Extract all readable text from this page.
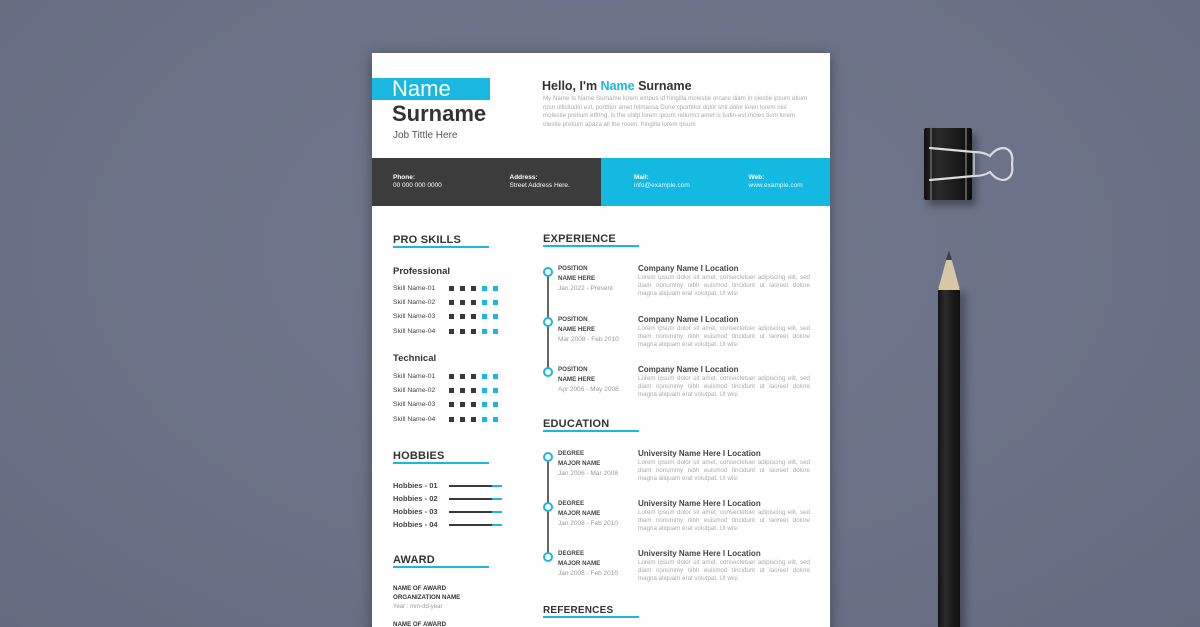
Name
Surname
Job Tittle Here
Hello, I'm Name Surname
My Name Is Name Surname lorem empus id fringilla molestie ornare diam in olestie ipsum etium rosn ollicitudin est, porttitor amet hitmassa Done cporttitor dolor shit dolor kiren lorem nisl molestie pretium etfring, is the shitp lorem ipcum retiumci amet is tudin-est.moles tium lorem olestie pretium apaza all the rosen. fringilla lorem ipsum .
Phone:
00 000 000 0000
Address:
Street Address Here.
Mail:
info@example.com
Web:
www.example.com
PRO SKILLS
Professional
Skill Name-01
Skill Name-02
Skill Name-03
Skill Name-04
Technical
Skill Name-01
Skill Name-02
Skill Name-03
Skill Name-04
HOBBIES
Hobbies - 01
Hobbies - 02
Hobbies - 03
Hobbies - 04
AWARD
NAME OF AWARD
ORGANIZATION NAME
Year : mm-dd-year
NAME OF AWARD
EXPERIENCE
POSITION
NAME HERE
Jan 2022 - Present
Company Name I Location
Lorem ipsum dolor sit amet, consectetuer adipiscing elit, sed diam nonummy nibh euismod tincidunt ut laoreet dolore magna aliquam erat volutpat. Ut wisi
POSITION
NAME HERE
Mar 2008 - Feb 2010
Company Name I Location
Lorem ipsum dolor sit amet, consectetuer adipiscing elit, sed diam nonummy nibh euismod tincidunt ut laoreet dolore magna aliquam erat volutpat. Ut wisi
POSITION
NAME HERE
Apr 2006 - May 2008
Company Name I Location
Lorem ipsum dolor sit amet, consectetuer adipiscing elit, sed diam nonummy nibh euismod tincidunt ut laoreet dolore magna aliquam erat volutpat. Ut wisi
EDUCATION
DEGREE
MAJOR NAME
Jan 2006 - Mar 2008
University Name Here I Location
Lorem ipsum dolor sit amet, consectetuer adipiscing elit, sed diam nonummy nibh euismod tincidunt ut laoreet dolore magna aliquam erat volutpat. Ut wisi
DEGREE
MAJOR NAME
Jan 2008 - Feb 2010
University Name Here I Location
Lorem ipsum dolor sit amet, consectetuer adipiscing elit, sed diam nonummy nibh euismod tincidunt ut laoreet dolore magna aliquam erat volutpat. Ut wisi
DEGREE
MAJOR NAME
Jan 2008 - Feb 2010
University Name Here I Location
Lorem ipsum dolor sit amet, consectetuer adipiscing elit, sed diam nonummy nibh euismod tincidunt ut laoreet dolore magna aliquam erat volutpat. Ut wisi
REFERENCES
